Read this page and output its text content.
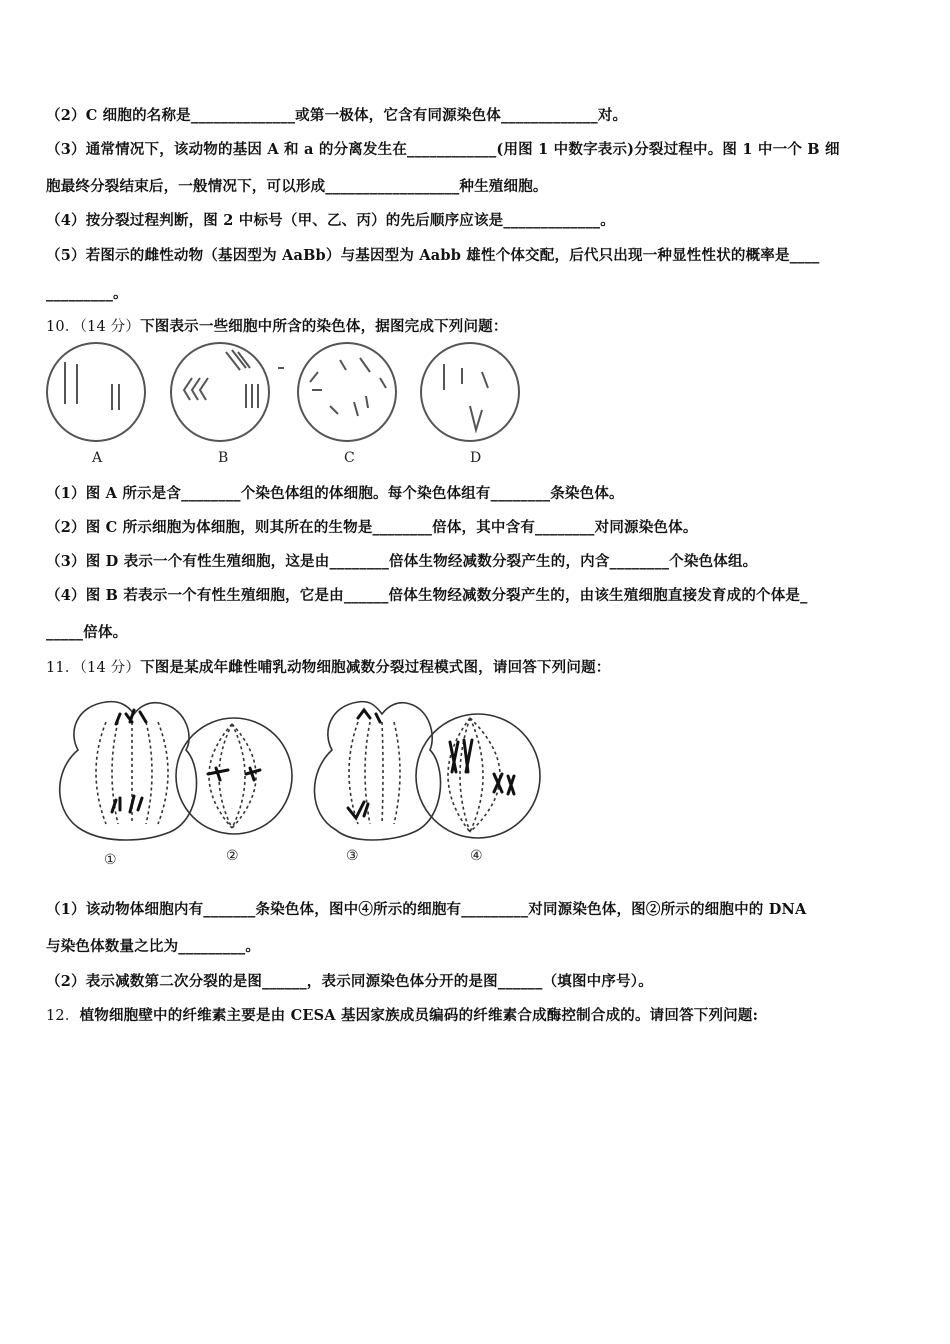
（2）C 细胞的名称是______________或第一极体，它含有同源染色体_____________对。
（3）通常情况下，该动物的基因 A 和 a 的分离发生在____________(用图 1 中数字表示)分裂过程中。图 1 中一个 B 细
胞最终分裂结束后，一般情况下，可以形成__________________种生殖细胞。
（4）按分裂过程判断，图 2 中标号（甲、乙、丙）的先后顺序应该是_____________。
（5）若图示的雌性动物（基因型为 AaBb）与基因型为 Aabb 雄性个体交配，后代只出现一种显性性状的概率是____
_________。
10．（14 分）下图表示一些细胞中所含的染色体，据图完成下列问题：
A	B	C	D
（1）图 A 所示是含________个染色体组的体细胞。每个染色体组有________条染色体。
（2）图 C 所示细胞为体细胞，则其所在的生物是________倍体，其中含有________对同源染色体。
（3）图 D 表示一个有性生殖细胞，这是由________倍体生物经减数分裂产生的，内含________个染色体组。
（4）图 B 若表示一个有性生殖细胞，它是由______倍体生物经减数分裂产生的，由该生殖细胞直接发育成的个体是_
_____倍体。
11．（14 分）下图是某成年雌性哺乳动物细胞减数分裂过程模式图，请回答下列问题：
①	②	③	④
（1）该动物体细胞内有_______条染色体，图中④所示的细胞有_________对同源染色体，图②所示的细胞中的 DNA
与染色体数量之比为_________。
（2）表示减数第二次分裂的是图______，表示同源染色体分开的是图______（填图中序号）。
12．植物细胞壁中的纤维素主要是由 CESA 基因家族成员编码的纤维素合成酶控制合成的。请回答下列问题:
